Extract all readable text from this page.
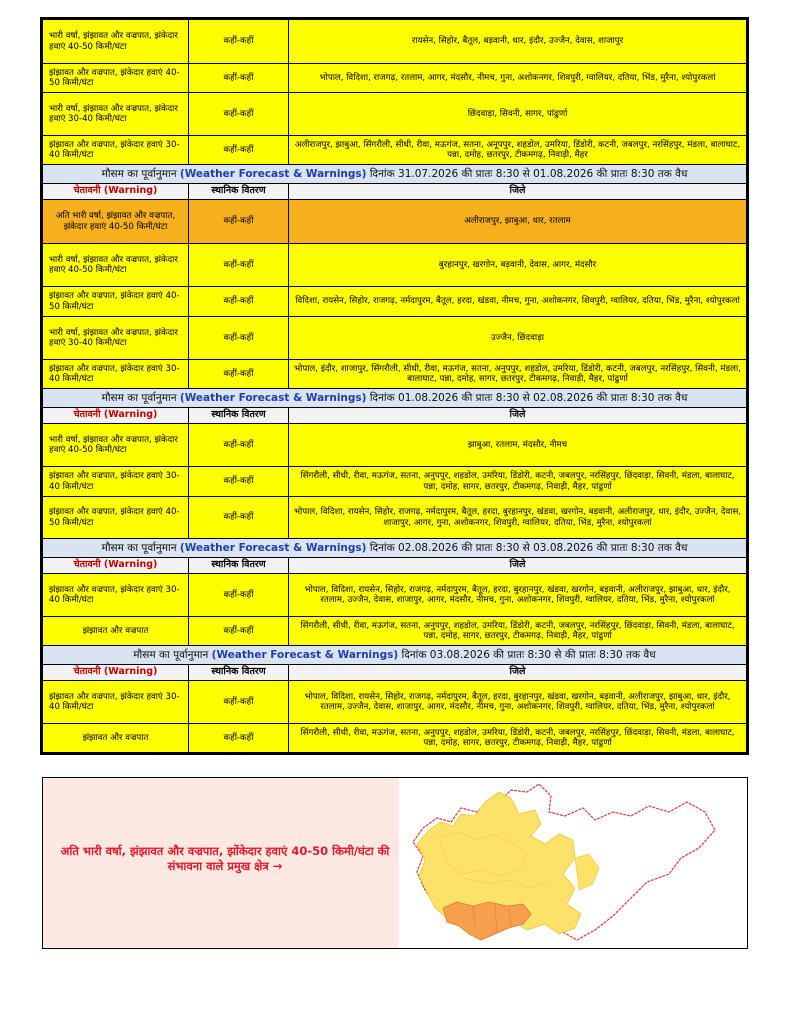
भारी वर्षा, झंझावत और वज्रपात, झंकेदार हवाएं 40-50 किमी/घंटा	कहीं-कहीं	रायसेन, सिहोर, बैतूल, बड़वानी, धार, इंदौर, उज्जैन, देवास, शाजापुर
झंझावत और वज्रपात, झंकेदार हवाएं 40-50 किमी/घंटा	कहीं-कहीं	भोपाल, विदिशा, राजगढ़, रतलाम, आगर, मंदसौर, नीमच, गुना, अशोकनगर, शिवपुरी, ग्वालियर, दतिया, भिंड, मुरैना, श्योपुरकलां
भारी वर्षा, झंझावत और वज्रपात, झंकेदार हवाएं 30-40 किमी/घंटा	कहीं-कहीं	छिंदवाड़ा, सिवनी, सागर, पांढुर्णा
झंझावत और वज्रपात, झंकेदार हवाएं 30-40 किमी/घंटा	कहीं-कहीं	अलीराजपुर, झाबुआ, सिंगरौली, सीधी, रीवा, मऊगंज, सतना, अनूपपुर, शहडोल, उमरिया, डिंडोरी, कटनी, जबलपुर, नरसिंहपुर, मंडला, बालाघाट, पन्ना, दमोह, छतरपुर, टीकमगढ़, निवाड़ी, मैहर
मौसम का पूर्वानुमान (Weather Forecast & Warnings) दिनांक 31.07.2026 की प्रातः 8:30 से 01.08.2026 की प्रातः 8:30 तक वैध		
चेतावनी (Warning)	स्थानिक वितरण	जिले
अति भारी वर्षा, झंझावत और वज्रपात, झंकेदार हवाएं 40-50 किमी/घंटा	कहीं-कहीं	अलीराजपुर, झाबुआ, धार, रतलाम
भारी वर्षा, झंझावत और वज्रपात, झंकेदार हवाएं 40-50 किमी/घंटा	कहीं-कहीं	बुरहानपुर, खरगोन, बड़वानी, देवास, आगर, मंदसौर
झंझावत और वज्रपात, झंकेदार हवाएं 40-50 किमी/घंटा	कहीं-कहीं	विदिशा, रायसेन, सिहोर, राजगढ़, नर्मदापुरम, बैतूल, हरदा, खंडवा, नीमच, गुना, अशोकनगर, शिवपुरी, ग्वालियर, दतिया, भिंड, मुरैना, श्योपुरकलां
भारी वर्षा, झंझावत और वज्रपात, झंकेदार हवाएं 30-40 किमी/घंटा	कहीं-कहीं	उज्जैन, छिंदवाड़ा
झंझावत और वज्रपात, झंकेदार हवाएं 30-40 किमी/घंटा	कहीं-कहीं	भोपाल, इंदौर, शाजापुर, सिंगरौली, सीधी, रीवा, मऊगंज, सतना, अनुपपुर, शहडोल, उमरिया, डिंडोरी, कटनी, जबलपुर, नरसिंहपुर, सिवनी, मंडला, बालाघाट, पन्ना, दमोह, सागर, छतरपुर, टीकमगढ़, निवाड़ी, मैहर, पांढुर्णा
मौसम का पूर्वानुमान (Weather Forecast & Warnings) दिनांक 01.08.2026 की प्रातः 8:30 से 02.08.2026 की प्रातः 8:30 तक वैध		
चेतावनी (Warning)	स्थानिक वितरण	जिले
भारी वर्षा, झंझावत और वज्रपात, झंकेदार हवाएं 40-50 किमी/घंटा	कहीं-कहीं	झाबुआ, रतलाम, मंदसौर, नीमच
झंझावत और वज्रपात, झंकेदार हवाएं 30-40 किमी/घंटा	कहीं-कहीं	सिंगरौली, सीधी, रीवा, मऊगंज, सतना, अनुपपुर, शहडोल, उमरिया, डिंडोरी, कटनी, जबलपुर, नरसिंहपुर, छिंदवाड़ा, सिवनी, मंडला, बालाघाट, पन्ना, दमोह, सागर, छतरपुर, टीकमगढ़, निवाड़ी, मैहर, पांढुर्णा
झंझावत और वज्रपात, झंकेदार हवाएं 40-50 किमी/घंटा	कहीं-कहीं	भोपाल, विदिशा, रायसेन, सिहोर, राजगढ़, नर्मदापुरम, बैतूल, हरदा, बुरहानपुर, खंडवा, खरगोन, बड़वानी, अलीराजपुर, धार, इंदौर, उज्जैन, देवास, शाजापुर, आगर, गुना, अशोकनगर, शिवपुरी, ग्वालियर, दतिया, भिंड, मुरैना, श्योपुरकलां
मौसम का पूर्वानुमान (Weather Forecast & Warnings) दिनांक 02.08.2026 की प्रातः 8:30 से 03.08.2026 की प्रातः 8:30 तक वैध		
चेतावनी (Warning)	स्थानिक वितरण	जिले
झंझावत और वज्रपात, झंकेदार हवाएं 30-40 किमी/घंटा	कहीं-कहीं	भोपाल, विदिशा, रायसेन, सिहोर, राजगढ़, नर्मदापुरम, बैतूल, हरदा, बुरहानपुर, खंडवा, खरगोन, बड़वानी, अलीराजपुर, झाबुआ, धार, इंदौर, रतलाम, उज्जैन, देवास, शाजापुर, आगर, मंदसौर, नीमच, गुना, अशोकनगर, शिवपुरी, ग्वालियर, दतिया, भिंड, मुरैना, श्योपुरकलां
झंझावत और वज्रपात	कहीं-कहीं	सिंगरौली, सीधी, रीवा, मऊगंज, सतना, अनुपपुर, शहडोल, उमरिया, डिंडोरी, कटनी, जबलपुर, नरसिंहपुर, छिंदवाड़ा, सिवनी, मंडला, बालाघाट, पन्ना, दमोह, सागर, छतरपुर, टीकमगढ़, निवाड़ी, मैहर, पांढुर्णा
मौसम का पूर्वानुमान (Weather Forecast & Warnings) दिनांक 03.08.2026 की प्रातः 8:30 से की प्रातः 8:30 तक वैध		
चेतावनी (Warning)	स्थानिक वितरण	जिले
झंझावत और वज्रपात, झंकेदार हवाएं 30-40 किमी/घंटा	कहीं-कहीं	भोपाल, विदिशा, रायसेन, सिहोर, राजगढ़, नर्मदापुरम, बैतूल, हरदा, बुरहानपुर, खंडवा, खरगोन, बड़वानी, अलीराजपुर, झाबुआ, धार, इंदौर, रतलाम, उज्जैन, देवास, शाजापुर, आगर, मंदसौर, नीमच, गुना, अशोकनगर, शिवपुरी, ग्वालियर, दतिया, भिंड, मुरैना, श्योपुरकलां
झंझावत और वज्रपात	कहीं-कहीं	सिंगरौली, सीधी, रीवा, मऊगंज, सतना, अनुपपुर, शहडोल, उमरिया, डिंडोरी, कटनी, जबलपुर, नरसिंहपुर, छिंदवाड़ा, सिवनी, मंडला, बालाघाट, पन्ना, दमोह, सागर, छतरपुर, टीकमगढ़, निवाड़ी, मैहर, पांढुर्णा
अति भारी वर्षा, झंझावत और वज्रपात, झोंकेदार हवाएं 40-50 किमी/घंटा की संभावना वाले प्रमुख क्षेत्र →
